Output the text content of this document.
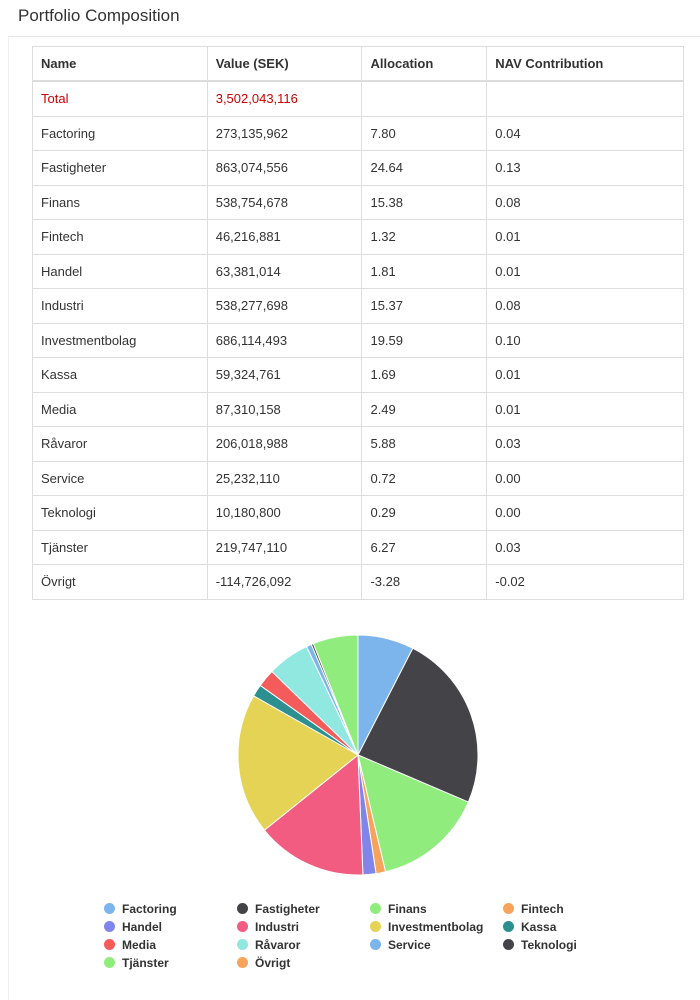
Portfolio Composition
Name	Value (SEK)	Allocation	NAV Contribution
Total	3,502,043,116		
Factoring	273,135,962	7.80	0.04
Fastigheter	863,074,556	24.64	0.13
Finans	538,754,678	15.38	0.08
Fintech	46,216,881	1.32	0.01
Handel	63,381,014	1.81	0.01
Industri	538,277,698	15.37	0.08
Investmentbolag	686,114,493	19.59	0.10
Kassa	59,324,761	1.69	0.01
Media	87,310,158	2.49	0.01
Råvaror	206,018,988	5.88	0.03
Service	25,232,110	0.72	0.00
Teknologi	10,180,800	0.29	0.00
Tjänster	219,747,110	6.27	0.03
Övrigt	-114,726,092	-3.28	-0.02
Factoring	Fastigheter	Finans	Fintech
Handel	Industri	Investmentbolag	Kassa
Media	Råvaror	Service	Teknologi
Tjänster	Övrigt
